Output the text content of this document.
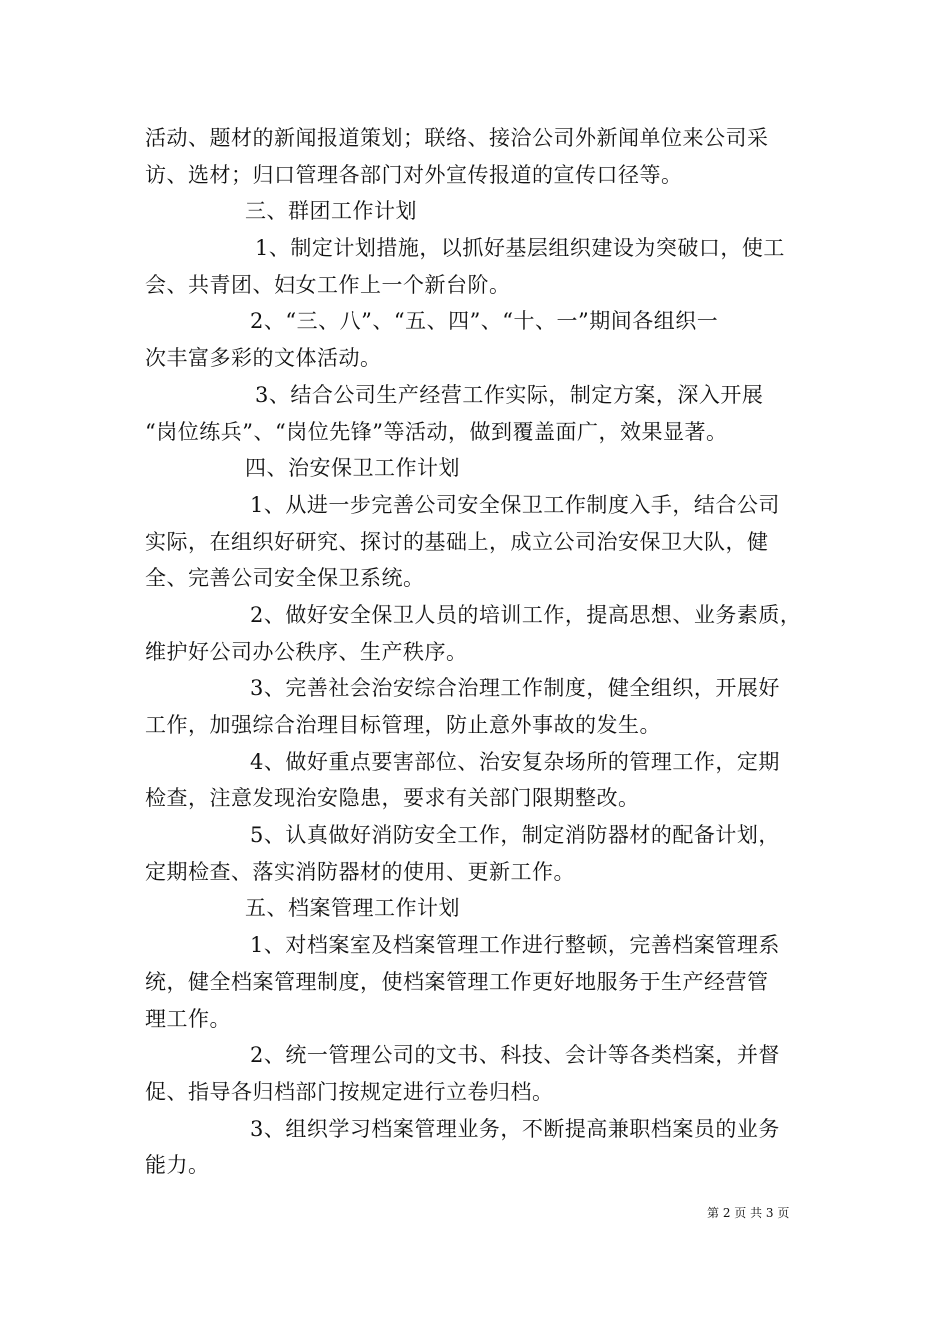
活动、题材的新闻报道策划；联络、接洽公司外新闻单位来公司采
访、选材；归口管理各部门对外宣传报道的宣传口径等。
三、群团工作计划
1、制定计划措施，以抓好基层组织建设为突破口，使工
会、共青团、妇女工作上一个新台阶。
2、“三、八”、“五、四”、“十、一”期间各组织一
次丰富多彩的文体活动。
3、结合公司生产经营工作实际，制定方案，深入开展
“岗位练兵”、“岗位先锋”等活动，做到覆盖面广，效果显著。
四、治安保卫工作计划
1、从进一步完善公司安全保卫工作制度入手，结合公司
实际，在组织好研究、探讨的基础上，成立公司治安保卫大队，健
全、完善公司安全保卫系统。
2、做好安全保卫人员的培训工作，提高思想、业务素质，
维护好公司办公秩序、生产秩序。
3、完善社会治安综合治理工作制度，健全组织，开展好
工作，加强综合治理目标管理，防止意外事故的发生。
4、做好重点要害部位、治安复杂场所的管理工作，定期
检查，注意发现治安隐患，要求有关部门限期整改。
5、认真做好消防安全工作，制定消防器材的配备计划，
定期检查、落实消防器材的使用、更新工作。
五、档案管理工作计划
1、对档案室及档案管理工作进行整顿，完善档案管理系
统，健全档案管理制度，使档案管理工作更好地服务于生产经营管
理工作。
2、统一管理公司的文书、科技、会计等各类档案，并督
促、指导各归档部门按规定进行立卷归档。
3、组织学习档案管理业务，不断提高兼职档案员的业务
能力。
第 2 页 共 3 页
